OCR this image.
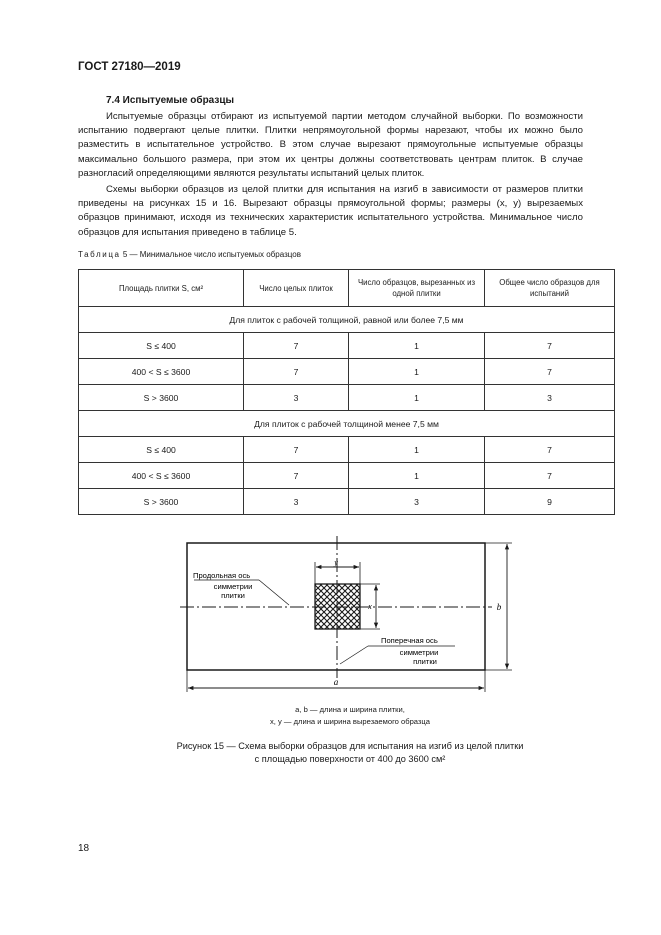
ГОСТ 27180—2019
7.4 Испытуемые образцы

Испытуемые образцы отбирают из испытуемой партии методом случайной выборки. По возможности испытанию подвергают целые плитки. Плитки непрямоугольной формы нарезают, чтобы их можно было разместить в испытательное устройство. В этом случае вырезают прямоугольные испытуемые образцы максимально большого размера, при этом их центры должны соответствовать центрам плиток. В случае разногласий определяющими являются результаты испытаний целых плиток.

Схемы выборки образцов из целой плитки для испытания на изгиб в зависимости от размеров плитки приведены на рисунках 15 и 16. Вырезают образцы прямоугольной формы; размеры (x, y) вырезаемых образцов принимают, исходя из технических характеристик испытательного устройства. Минимальное число образцов для испытания приведено в таблице 5.

Таблица 5 — Минимальное число испытуемых образцов
Площадь плитки S, см²	Число целых плиток	Число образцов, вырезанных из одной плитки	Общее число образцов для испытаний
Для плиток с рабочей толщиной, равной или более 7,5 мм			
S ≤ 400	7	1	7
400 < S ≤ 3600	7	1	7
S > 3600	3	1	3
Для плиток с рабочей толщиной менее 7,5 мм			
S ≤ 400	7	1	7
400 < S ≤ 3600	7	1	7
S > 3600	3	3	9
y
x	b
a
Продольная ось
симметрии
плитки
Поперечная ось
симметрии
плитки
a, b — длина и ширина плитки,
x, y — длина и ширина вырезаемого образца
Рисунок 15 — Схема выборки образцов для испытания на изгиб из целой плитки
с площадью поверхности от 400 до 3600 см²
18
